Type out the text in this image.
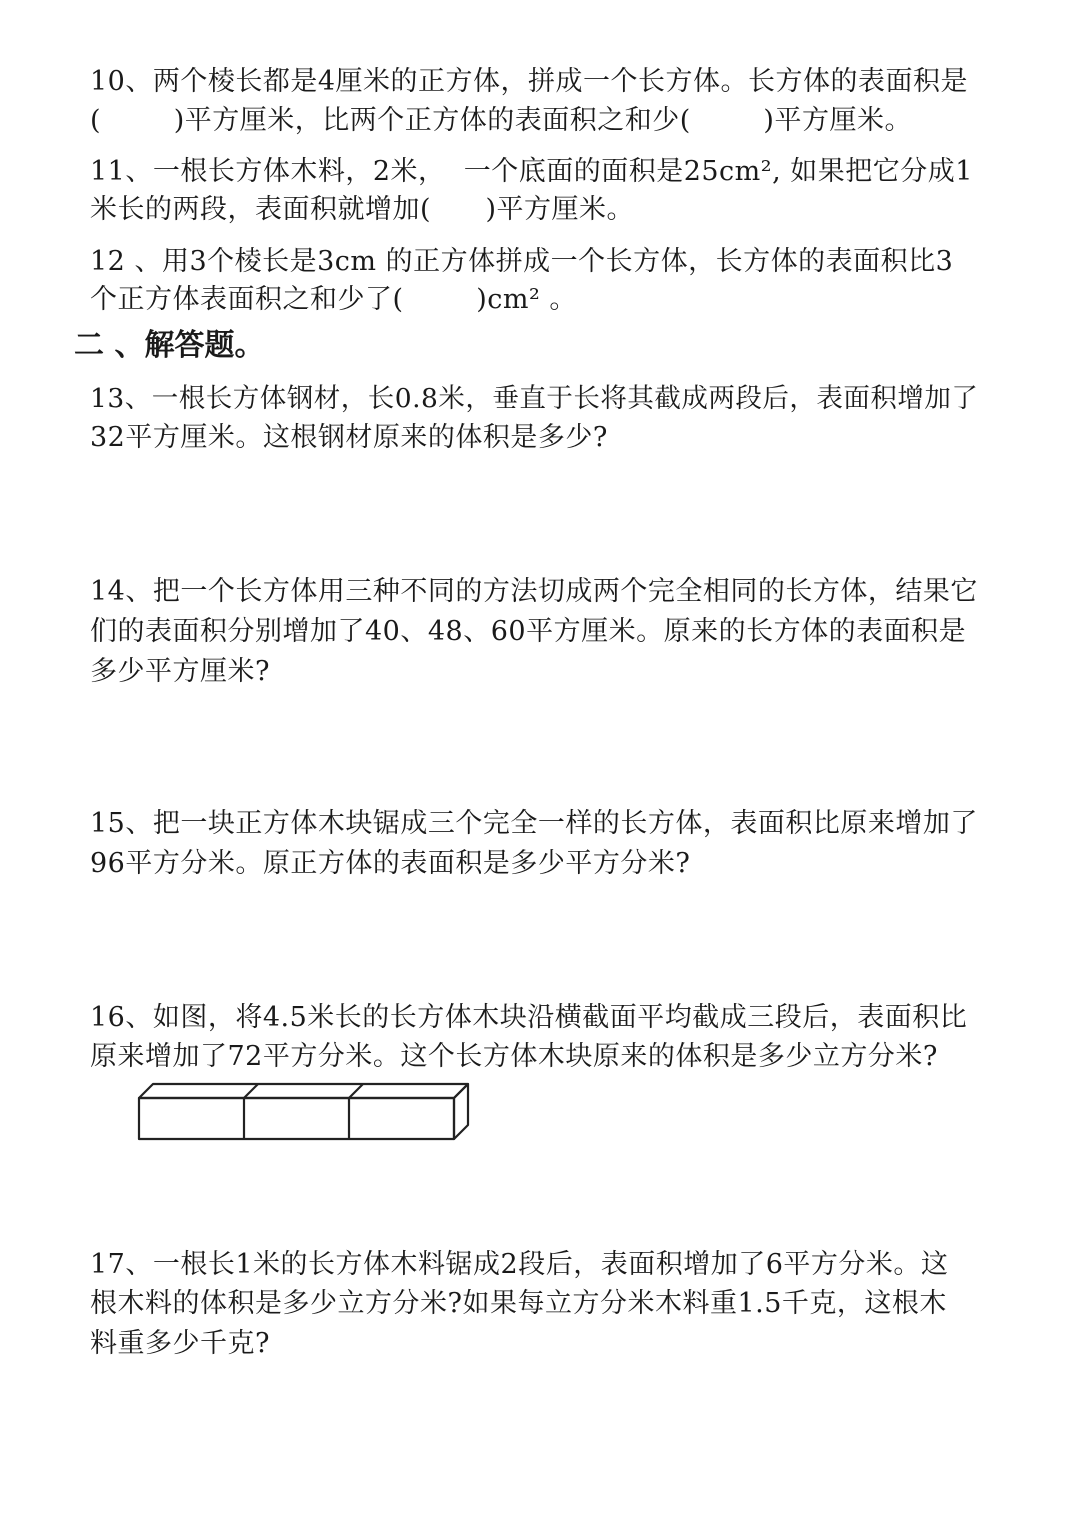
10、两个棱长都是4厘米的正方体，拼成一个长方体。长方体的表面积是
(        )平方厘米，比两个正方体的表面积之和少(        )平方厘米。
11、一根长方体木料，2米，  一个底面的面积是25cm², 如果把它分成1
米长的两段，表面积就增加(      )平方厘米。
12 、用3个棱长是3cm 的正方体拼成一个长方体，长方体的表面积比3
个正方体表面积之和少了(        )cm² 。
二 、解答题。
13、一根长方体钢材，长0.8米，垂直于长将其截成两段后，表面积增加了
32平方厘米。这根钢材原来的体积是多少?
14、把一个长方体用三种不同的方法切成两个完全相同的长方体，结果它
们的表面积分别增加了40、48、60平方厘米。原来的长方体的表面积是
多少平方厘米?
15、把一块正方体木块锯成三个完全一样的长方体，表面积比原来增加了
96平方分米。原正方体的表面积是多少平方分米?
16、如图，将4.5米长的长方体木块沿横截面平均截成三段后，表面积比
原来增加了72平方分米。这个长方体木块原来的体积是多少立方分米?
17、一根长1米的长方体木料锯成2段后，表面积增加了6平方分米。这
根木料的体积是多少立方分米?如果每立方分米木料重1.5千克，这根木
料重多少千克?
